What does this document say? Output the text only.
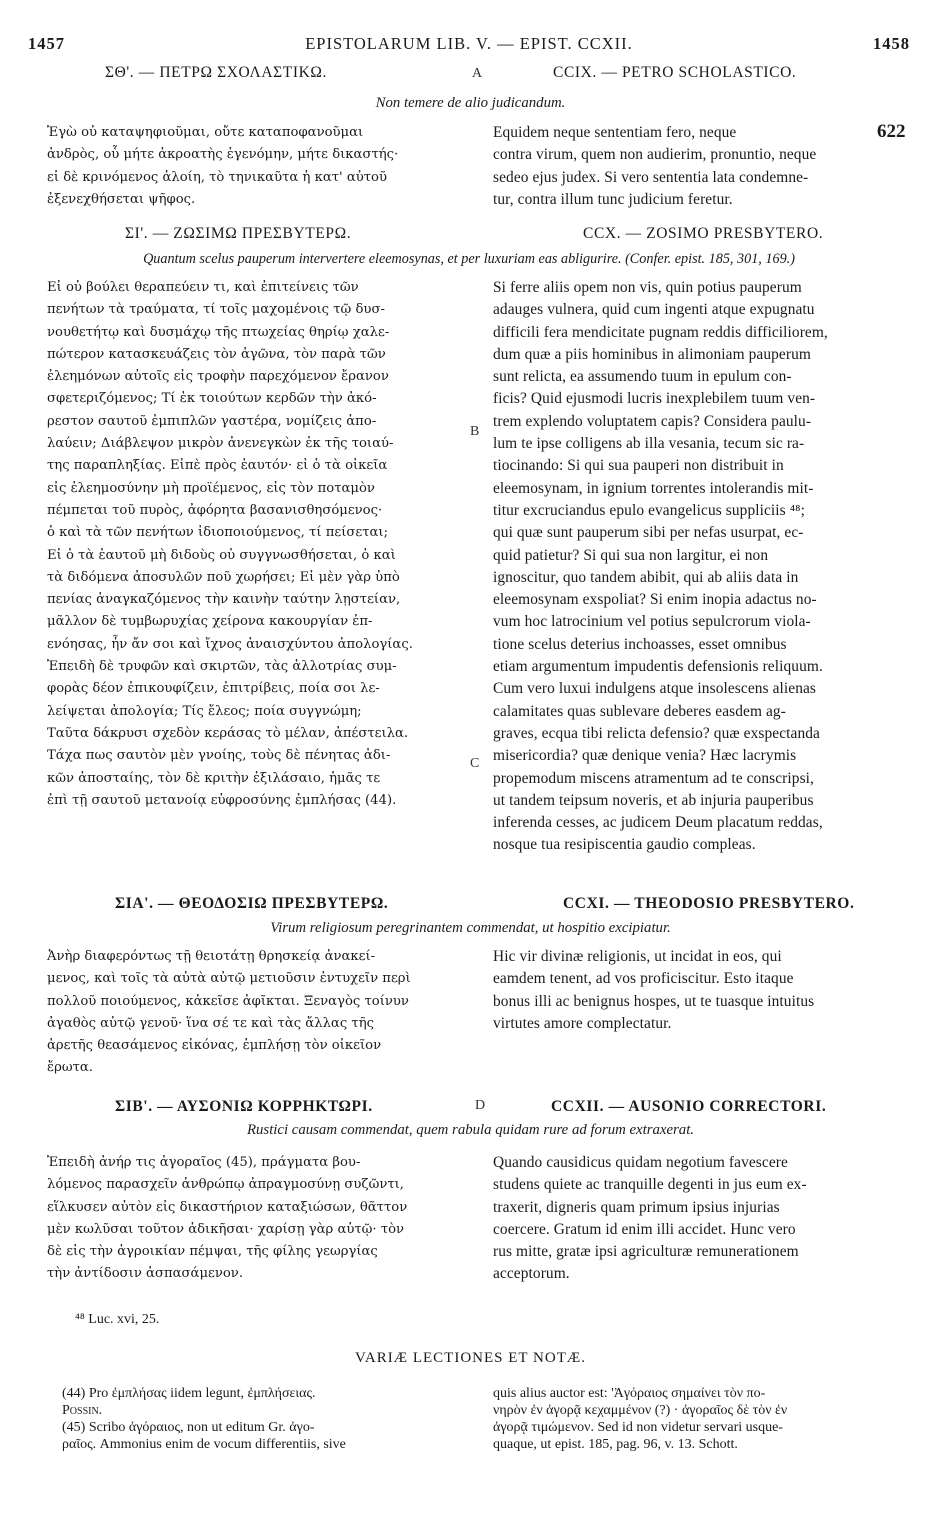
1457	EPISTOLARUM LIB. V. — EPIST. CCXII.	1458
A
B
C
D
622
ΣΘ'. — ΠΕΤΡΩ ΣΧΟΛΑΣΤΙΚΩ.	CCIX. — PETRO SCHOLASTICO.
Non temere de alio judicandum.

Ἐγὼ οὐ καταψηφιοῦμαι, οὔτε καταποφανοῦμαι

ἀνδρὸς, οὗ μήτε ἀκροατὴς ἐγενόμην, μήτε δικαστής·

εἰ δὲ κρινόμενος ἁλοίη, τὸ τηνικαῦτα ἡ κατ' αὐτοῦ

ἐξενεχθήσεται ψῆφος.

Equidem neque sententiam fero, neque

contra virum, quem non audierim, pronuntio, neque

sedeo ejus judex. Si vero sententia lata condemne-

tur, contra illum tunc judicium feretur.

ΣΙ'. — ΖΩΣΙΜΩ ΠΡΕΣΒΥΤΕΡΩ.	CCX. — ZOSIMO PRESBYTERO.
Quantum scelus pauperum intervertere eleemosynas, et per luxuriam eas abligurire. (Confer. epist. 185, 301, 169.)

Εἰ οὐ βούλει θεραπεύειν τι, καὶ ἐπιτείνεις τῶν

πενήτων τὰ τραύματα, τί τοῖς μαχομένοις τῷ δυσ-

νουθετήτῳ καὶ δυσμάχῳ τῆς πτωχείας θηρίῳ χαλε-

πώτερον κατασκευάζεις τὸν ἀγῶνα, τὸν παρὰ τῶν

ἐλεημόνων αὐτοῖς εἰς τροφὴν παρεχόμενον ἔρανον

σφετεριζόμενος; Τί ἐκ τοιούτων κερδῶν τὴν ἀκό-

ρεστον σαυτοῦ ἐμπιπλῶν γαστέρα, νομίζεις ἀπο-

λαύειν; Διάβλεψον μικρὸν ἀνενεγκὼν ἐκ τῆς τοιαύ-

της παραπληξίας. Εἰπὲ πρὸς ἑαυτόν· εἰ ὁ τὰ οἰκεῖα

εἰς ἐλεημοσύνην μὴ προϊέμενος, εἰς τὸν ποταμὸν

πέμπεται τοῦ πυρὸς, ἀφόρητα βασανισθησόμενος·

ὁ καὶ τὰ τῶν πενήτων ἰδιοποιούμενος, τί πείσεται;

Εἰ ὁ τὰ ἑαυτοῦ μὴ διδοὺς οὐ συγγνωσθήσεται, ὁ καὶ

τὰ διδόμενα ἀποσυλῶν ποῦ χωρήσει; Εἰ μὲν γὰρ ὑπὸ

πενίας ἀναγκαζόμενος τὴν καινὴν ταύτην λῃστείαν,

μᾶλλον δὲ τυμβωρυχίας χείρονα κακουργίαν ἐπ-

ενόησας, ἦν ἄν σοι καὶ ἴχνος ἀναισχύντου ἀπολογίας.

Ἐπειδὴ δὲ τρυφῶν καὶ σκιρτῶν, τὰς ἀλλοτρίας συμ-

φορὰς δέον ἐπικουφίζειν, ἐπιτρίβεις, ποία σοι λε-

λείψεται ἀπολογία; Τίς ἔλεος; ποία συγγνώμη;

Ταῦτα δάκρυσι σχεδὸν κεράσας τὸ μέλαν, ἀπέστειλα.

Τάχα πως σαυτὸν μὲν γνοίης, τοὺς δὲ πένητας ἀδι-

κῶν ἀποσταίης, τὸν δὲ κριτὴν ἐξιλάσαιο, ἡμᾶς τε

ἐπὶ τῇ σαυτοῦ μετανοίᾳ εὐφροσύνης ἐμπλήσας (44).

Si ferre aliis opem non vis, quin potius pauperum

adauges vulnera, quid cum ingenti atque expugnatu

difficili fera mendicitate pugnam reddis difficiliorem,

dum quæ a piis hominibus in alimoniam pauperum

sunt relicta, ea assumendo tuum in epulum con-

ficis? Quid ejusmodi lucris inexplebilem tuum ven-

trem explendo voluptatem capis? Considera paulu-

lum te ipse colligens ab illa vesania, tecum sic ra-

tiocinando: Si qui sua pauperi non distribuit in

eleemosynam, in ignium torrentes intolerandis mit-

titur excruciandus epulo evangelicus suppliciis ⁴⁸;

qui quæ sunt pauperum sibi per nefas usurpat, ec-

quid patietur? Si qui sua non largitur, ei non

ignoscitur, quo tandem abibit, qui ab aliis data in

eleemosynam exspoliat? Si enim inopia adactus no-

vum hoc latrocinium vel potius sepulcrorum viola-

tione scelus deterius inchoasses, esset omnibus

etiam argumentum impudentis defensionis reliquum.

Cum vero luxui indulgens atque insolescens alienas

calamitates quas sublevare deberes easdem ag-

graves, ecqua tibi relicta defensio? quæ exspectanda

misericordia? quæ denique venia? Hæc lacrymis

propemodum miscens atramentum ad te conscripsi,

ut tandem teipsum noveris, et ab injuria pauperibus

inferenda cesses, ac judicem Deum placatum reddas,

nosque tua resipiscentia gaudio compleas.

ΣΙΑ'. — ΘΕΟΔΟΣΙΩ ΠΡΕΣΒΥΤΕΡΩ.	CCXI. — THEODOSIO PRESBYTERO.
Virum religiosum peregrinantem commendat, ut hospitio excipiatur.

Ἀνὴρ διαφερόντως τῇ θειοτάτῃ θρησκείᾳ ἀνακεί-

μενος, καὶ τοῖς τὰ αὐτὰ αὐτῷ μετιοῦσιν ἐντυχεῖν περὶ

πολλοῦ ποιούμενος, κἀκεῖσε ἀφῖκται. Ξεναγὸς τοίνυν

ἀγαθὸς αὐτῷ γενοῦ· ἵνα σέ τε καὶ τὰς ἄλλας τῆς

ἀρετῆς θεασάμενος εἰκόνας, ἐμπλήσῃ τὸν οἰκεῖον

ἔρωτα.

Hic vir divinæ religionis, ut incidat in eos, qui

eamdem tenent, ad vos proficiscitur. Esto itaque

bonus illi ac benignus hospes, ut te tuasque intuitus

virtutes amore complectatur.

ΣΙΒ'. — ΑΥΣΟΝΙΩ ΚΟΡΡΗΚΤΩΡΙ.	CCXII. — AUSONIO CORRECTORI.
Rustici causam commendat, quem rabula quidam rure ad forum extraxerat.

Ἐπειδὴ ἀνήρ τις ἀγοραῖος (45), πράγματα βου-

λόμενος παρασχεῖν ἀνθρώπῳ ἀπραγμοσύνῃ συζῶντι,

εἵλκυσεν αὐτὸν εἰς δικαστήριον καταξιώσων, θᾶττον

μὲν κωλῦσαι τοῦτον ἀδικῆσαι· χαρίσῃ γὰρ αὐτῷ· τὸν

δὲ εἰς τὴν ἀγροικίαν πέμψαι, τῆς φίλης γεωργίας

τὴν ἀντίδοσιν ἀσπασάμενον.

Quando causidicus quidam negotium favescere

studens quiete ac tranquille degenti in jus eum ex-

traxerit, digneris quam primum ipsius injurias

coercere. Gratum id enim illi accidet. Hunc vero

rus mitte, gratæ ipsi agriculturæ remunerationem

acceptorum.

⁴⁸ Luc. xvi, 25.
VARIÆ LECTIONES ET NOTÆ.

(44) Pro ἐμπλήσας iidem legunt, ἐμπλήσειας.

Possin.

(45) Scribo ἀγόραιος, non ut editum Gr. ἀγο-

ραῖος. Ammonius enim de vocum differentiis, sive

quis alius auctor est: 'Ἀγόραιος σημαίνει τὸν πο-

νηρὸν ἐν ἀγορᾷ κεχαμμένον (?) · ἀγοραῖος δὲ τὸν ἐν

ἀγορᾷ τιμώμενον. Sed id non videtur servari usque-

quaque, ut epist. 185, pag. 96, v. 13. Schott.
